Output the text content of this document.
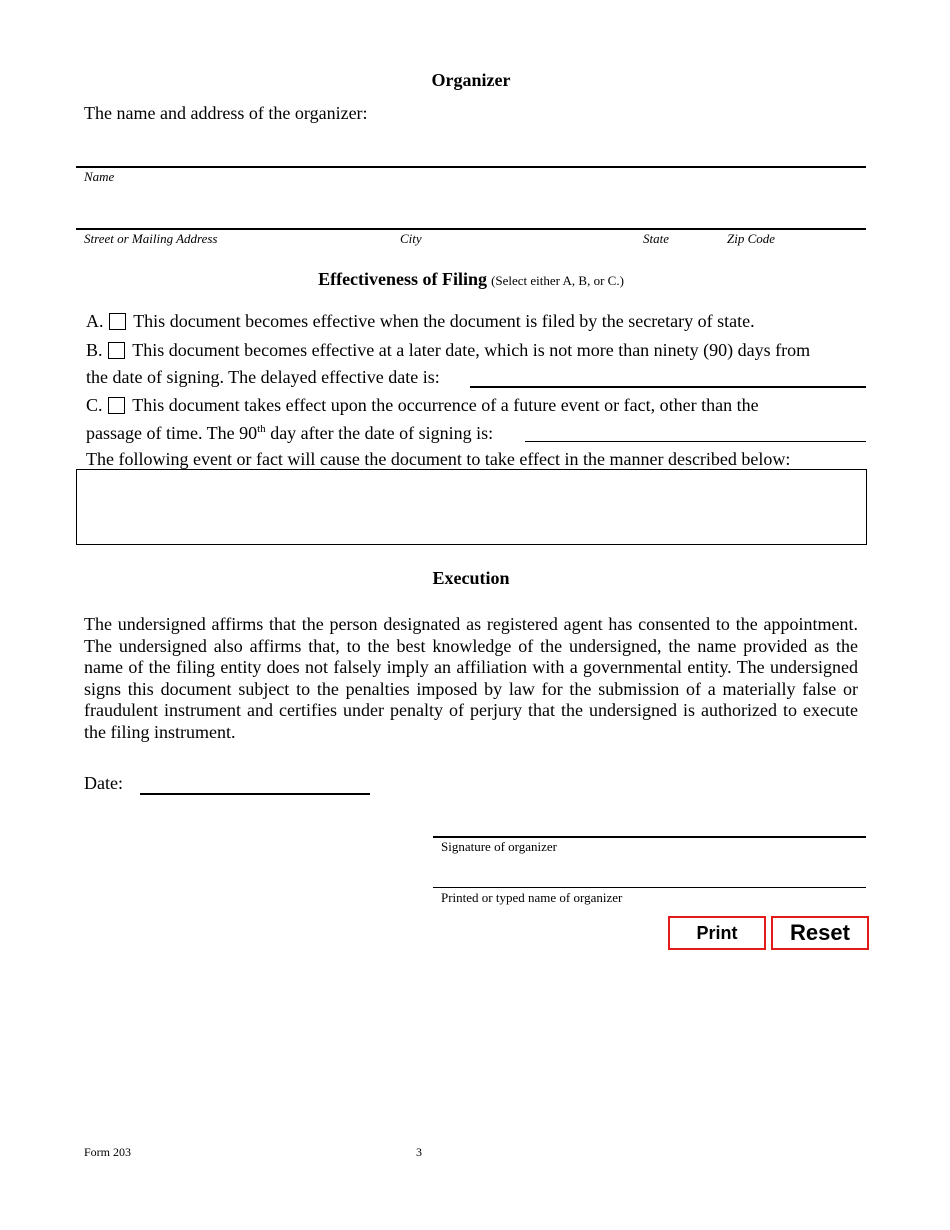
Organizer
The name and address of the organizer:
Name
Street or Mailing Address	City	State	Zip Code
Effectiveness of Filing (Select either A, B, or C.)
A. This document becomes effective when the document is filed by the secretary of state.
B. This document becomes effective at a later date, which is not more than ninety (90) days from
the date of signing. The delayed effective date is:
C. This document takes effect upon the occurrence of a future event or fact, other than the
passage of time. The 90th day after the date of signing is:
The following event or fact will cause the document to take effect in the manner described below:
Execution
The undersigned affirms that the person designated as registered agent has consented to the appointment. The undersigned also affirms that, to the best knowledge of the undersigned, the name provided as the name of the filing entity does not falsely imply an affiliation with a governmental entity. The undersigned signs this document subject to the penalties imposed by law for the submission of a materially false or fraudulent instrument and certifies under penalty of perjury that the undersigned is authorized to execute the filing instrument.
Date:
Signature of organizer
Printed or typed name of organizer
Print	Reset
Form 203	3
